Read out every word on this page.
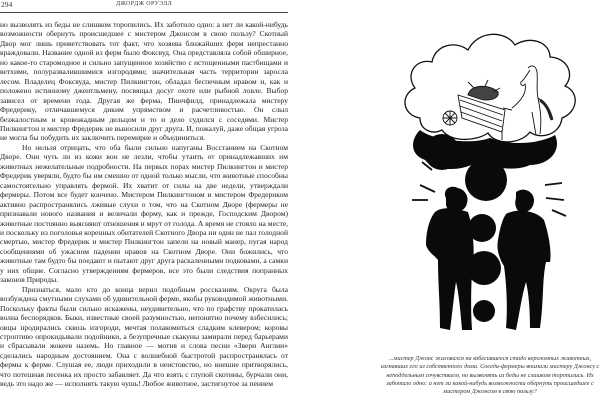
294	ДЖОРДЖ ОРУЭЛЛ

но вызволять из беды не слишком торопились. Их заботило одно: а нет ли какой-нибудь возможности обернуть происшедшее с мистером Джонсом в свою пользу? Скотный Двор мог лишь приветствовать тот факт, что хозяева ближайших ферм непрестанно враждовали. Название одной из ферм было Фоксвуд. Она представляла собой обширное, но какое-то старомодное и сильно запущенное хозяйство с истощенными пастбищами и ветхими, полуразвалившимися изгородями; значительная часть территории заросла лесом. Владелец Фоксвуда, мистер Пилкингтон, обладал беспечным нравом и, как и положено истинному джентльмену, посвящал досуг охоте или рыбной ловле. Выбор зависел от времени года. Другая же ферма, Пинчфилд, принадлежала мистеру Фредерику, отличавшемуся диким упрямством и расчетливостью. Он слыл безжалостным и кровожадным дельцом и то и дело судился с соседями. Мистер Пилкингтон и мистер Фредерик не выносили друг друга. И, пожалуй, даже общая угроза не могла бы побудить их заключить перемирие и объединиться.

Но нельзя отрицать, что оба были сильно напуганы Восстанием на Скотном Дворе. Они чуть ли из кожи вон не лезли, чтобы утаить от принадлежавших им животных нежелательные подробности. На первых порах мистер Пилкингтон и мистер Фредерик уверяли, будто бы им смешно от одной только мысли, что животные способны самостоятельно управлять фермой. Их хватит от силы на две недели, утверждали фермеры. Потом все будет кончено. Мистером Пилкингтоном и мистером Фредериком активно распространялись лживые слухи о том, что на Скотном Дворе (фермеры не признавали нового названия и величали ферму, как и прежде, Господским Двором) животные постоянно выясняют отношения и мрут от голода. А время не стояло на месте, и поскольку из поголовья коренных обитателей Скотного Двора ни один не пал голодной смертью, мистер Фредерик и мистер Пилкингтон запели на новый манер, пугая народ сообщениями об ужасном падении нравов на Скотном Дворе. Они божились, что животные там будто бы поедают и пытают друг друга раскаленными подковами, а самки у них общие. Согласно утверждениям фермеров, все это были следствия попранных законов Природы.

Признаться, мало кто до конца верил подобным россказням. Округа была возбуждена смутными слухами об удивительной ферме, якобы руководимой животными. Поскольку факты были сильно искажены, неудивительно, что по графству прокатилась волна беспорядков. Быки, известные своей разумностью, непонятно почему взбесились; овцы продирались сквозь изгороди, мечтая полакомиться сладким клевером; коровы строптиво опрокидывали подойники, а безупречные скакуны замирали перед барьерами и сбрасывали жокеев наземь. Но главное — мотив и слова песни «Звери Англии» сделались народным достоянием. Она с волшебной быстротой распространялась от фермы к ферме. Слушая ее, люди приходили в неистовство, но внешне притворялись, что потешная песенка их просто забавляет. Да что взять с глупой скотины, бурчали они, ведь это надо же — исполнять такую чушь! Любое животное, застигнутое за пением

...мистер Джонс жаловался на взбесившееся стадо вероломных животных, изгнавших его из собственного дома. Соседи-фермеры внимали мистеру Джонсу с неподдельным сочувствием, но вызволять из беды не слишком торопились. Их заботило одно: а нет ли какой-нибудь возможности обернуть происшедшее с мистером Джонсом в свою пользу?
